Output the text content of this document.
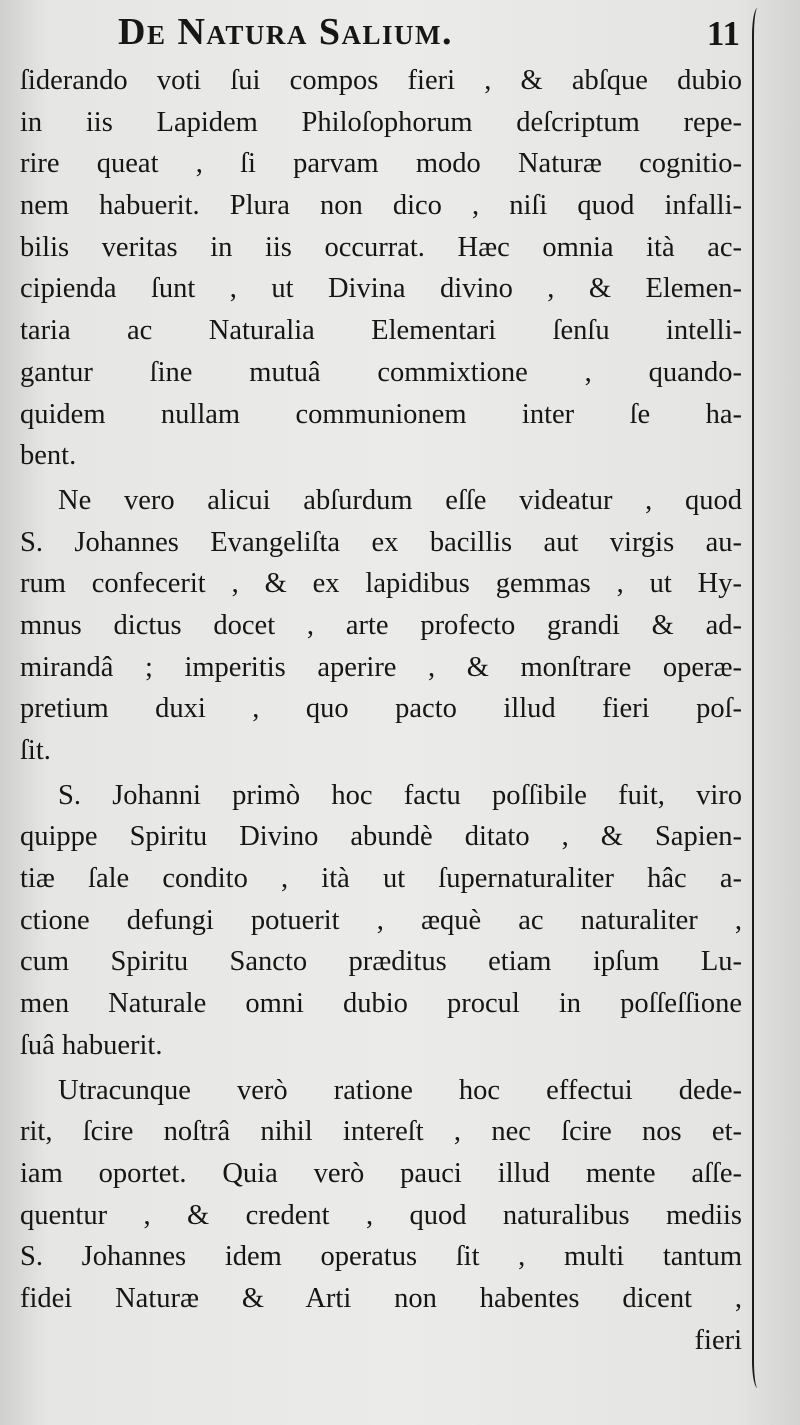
De Natura Salium.	11
ſiderando voti ſui compos fieri , & abſque dubio
in iis Lapidem Philoſophorum deſcriptum repe-
rire queat , ſi parvam modo Naturæ cognitio-
nem habuerit. Plura non dico , niſi quod infalli-
bilis veritas in iis occurrat. Hæc omnia ità ac-
cipienda ſunt , ut Divina divino , & Elemen-
taria ac Naturalia Elementari ſenſu intelli-
gantur ſine mutuâ commixtione , quando-
quidem nullam communionem inter ſe ha-
bent.
Ne vero alicui abſurdum eſſe videatur , quod
S. Johannes Evangeliſta ex bacillis aut virgis au-
rum confecerit , & ex lapidibus gemmas , ut Hy-
mnus dictus docet , arte profecto grandi & ad-
mirandâ ; imperitis aperire , & monſtrare operæ-
pretium duxi , quo pacto illud fieri poſ-
ſit.
S. Johanni primò hoc factu poſſibile fuit, viro
quippe Spiritu Divino abundè ditato , & Sapien-
tiæ ſale condito , ità ut ſupernaturaliter hâc a-
ctione defungi potuerit , æquè ac naturaliter ,
cum Spiritu Sancto præditus etiam ipſum Lu-
men Naturale omni dubio procul in poſſeſſione
ſuâ habuerit.
Utracunque verò ratione hoc effectui dede-
rit, ſcire noſtrâ nihil intereſt , nec ſcire nos et-
iam oportet. Quia verò pauci illud mente aſſe-
quentur , & credent , quod naturalibus mediis
S. Johannes idem operatus ſit , multi tantum
fidei Naturæ & Arti non habentes dicent ,
fieri
